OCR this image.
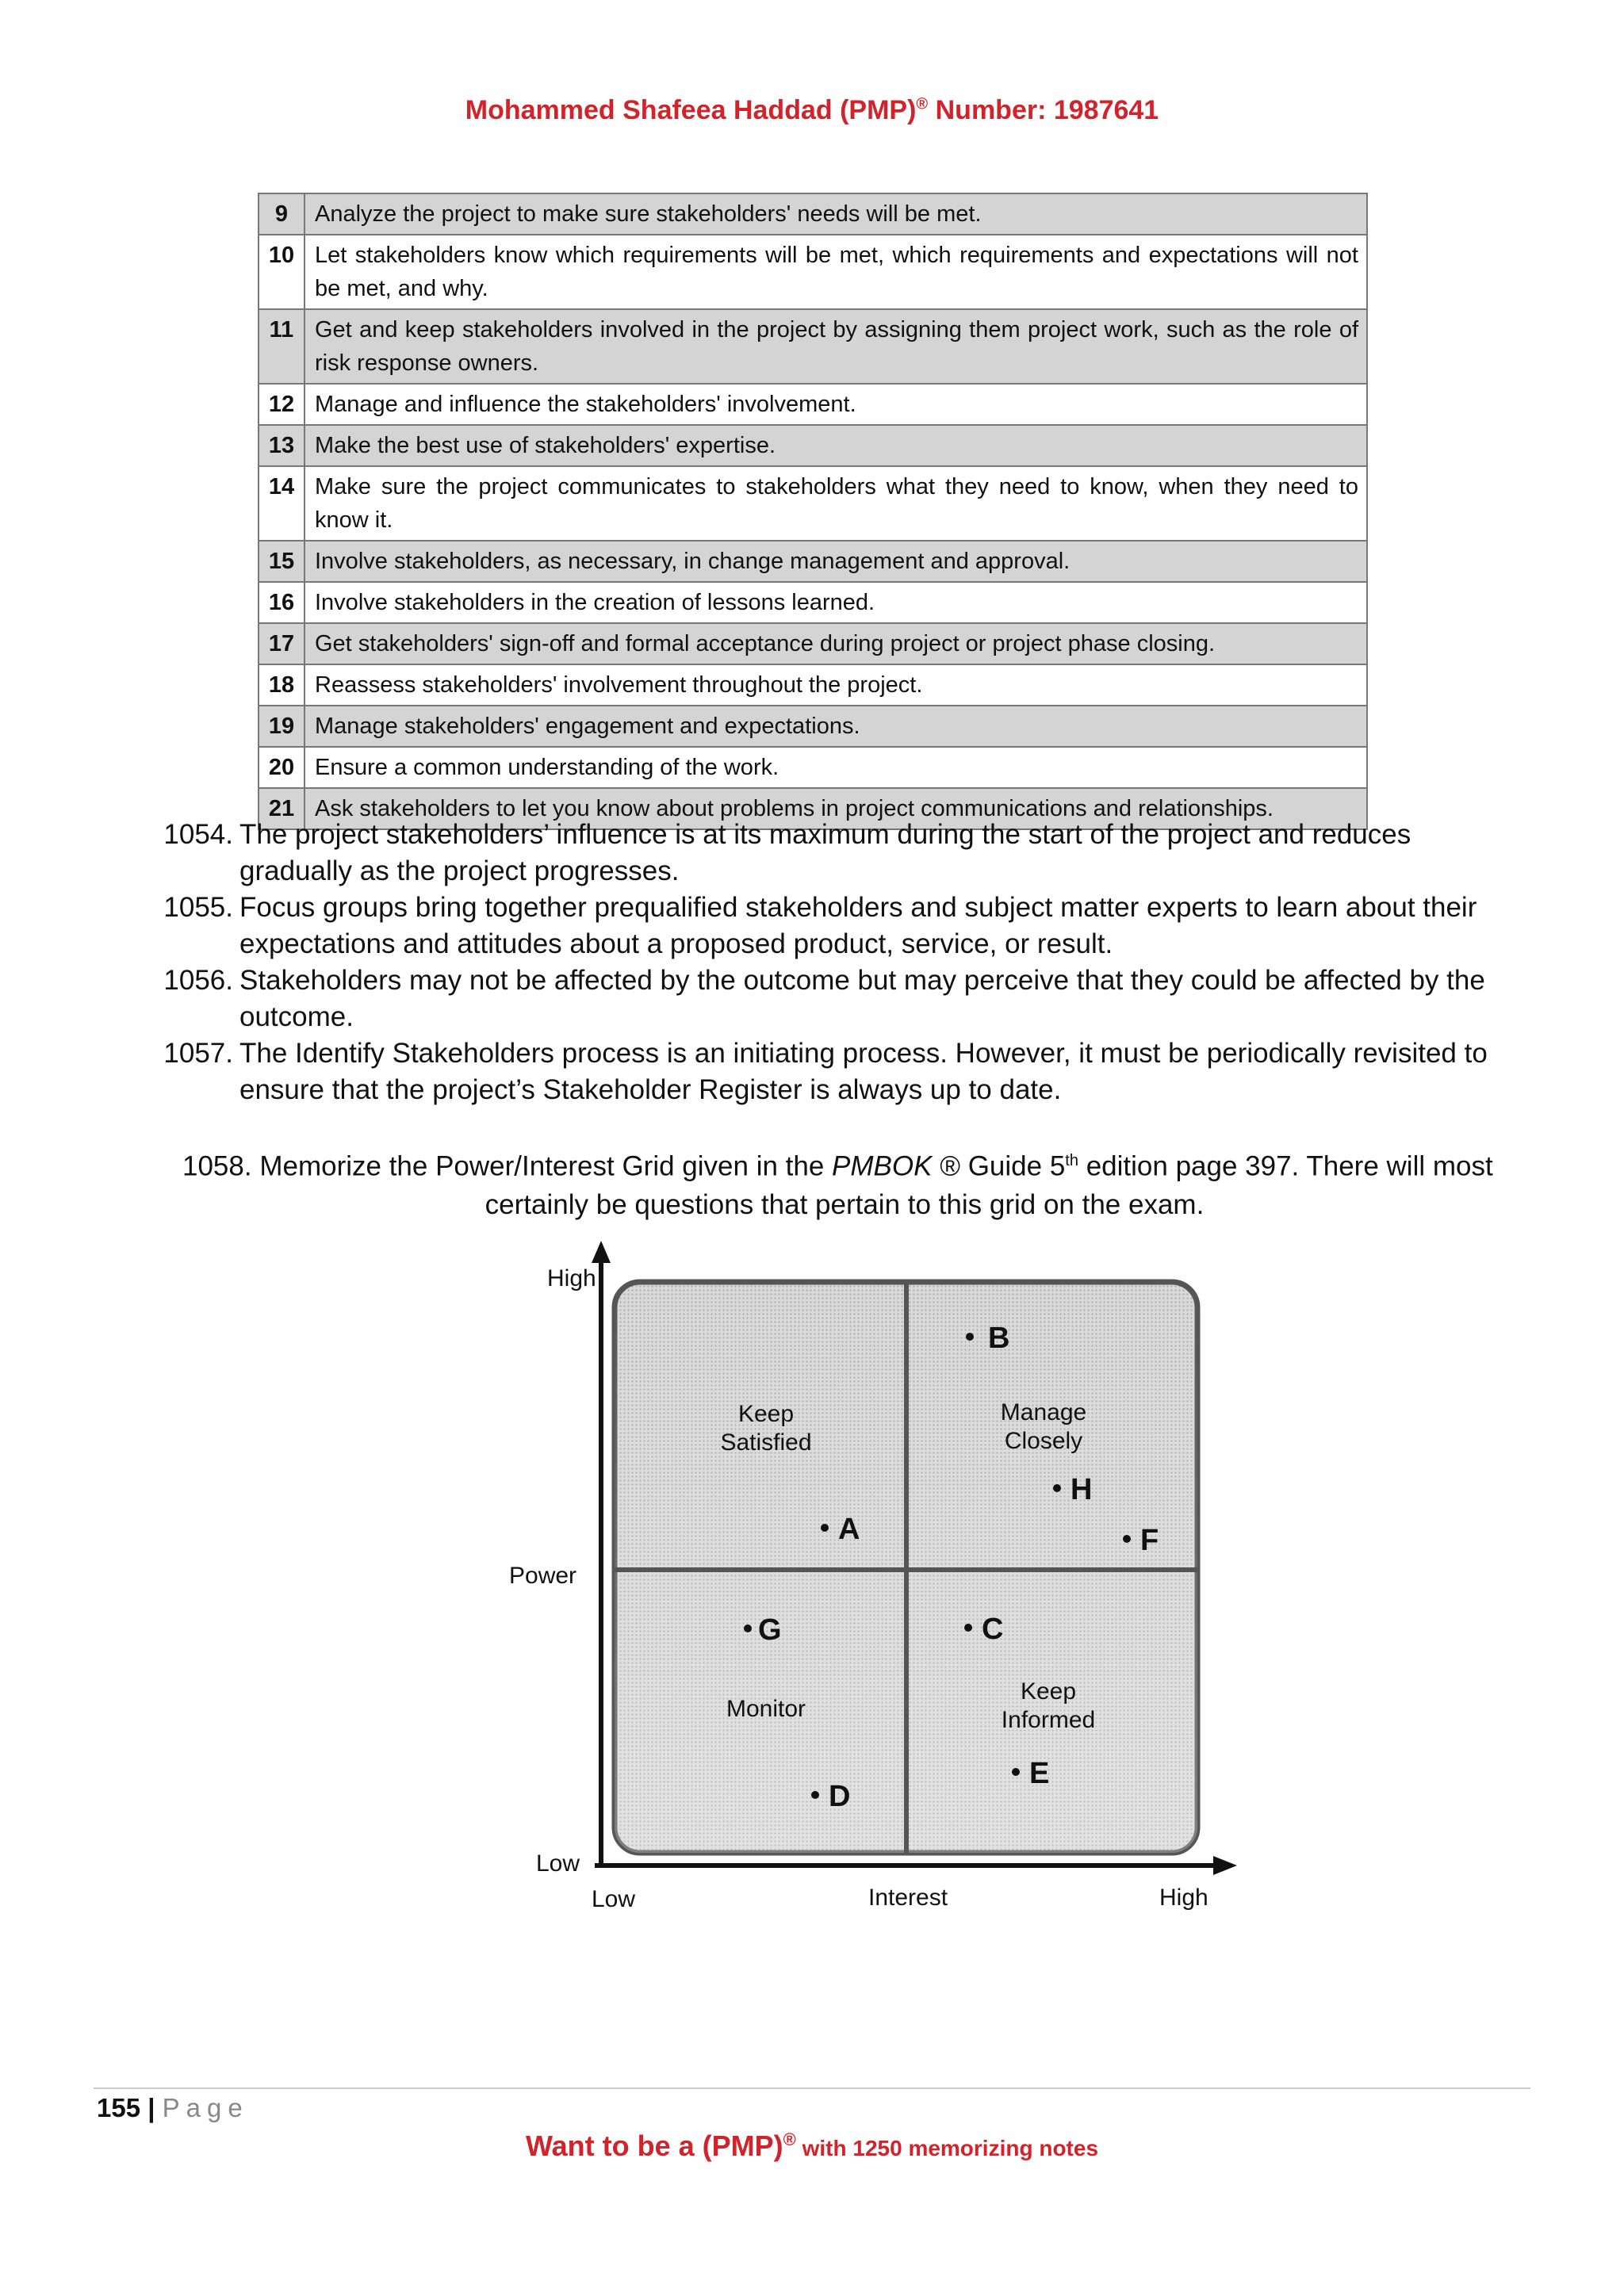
Mohammed Shafeea Haddad (PMP)® Number: 1987641
9	Analyze the project to make sure stakeholders' needs will be met.
10	Let stakeholders know which requirements will be met, which requirements and expectations will not be met, and why.
11	Get and keep stakeholders involved in the project by assigning them project work, such as the role of risk response owners.
12	Manage and influence the stakeholders' involvement.
13	Make the best use of stakeholders' expertise.
14	Make sure the project communicates to stakeholders what they need to know, when they need to know it.
15	Involve stakeholders, as necessary, in change management and approval.
16	Involve stakeholders in the creation of lessons learned.
17	Get stakeholders' sign-off and formal acceptance during project or project phase closing.
18	Reassess stakeholders' involvement throughout the project.
19	Manage stakeholders' engagement and expectations.
20	Ensure a common understanding of the work.
21	Ask stakeholders to let you know about problems in project communications and relationships.
1054. The project stakeholders’ influence is at its maximum during the start of the project and reduces gradually as the project progresses.
1055. Focus groups bring together prequalified stakeholders and subject matter experts to learn about their expectations and attitudes about a proposed product, service, or result.
1056. Stakeholders may not be affected by the outcome but may perceive that they could be affected by the outcome.
1057. The Identify Stakeholders process is an initiating process. However, it must be periodically revisited to ensure that the project’s Stakeholder Register is always up to date.
1058. Memorize the Power/Interest Grid given in the PMBOK ® Guide 5th edition page 397. There will most
certainly be questions that pertain to this grid on the exam.
High
Power
Low
Low	Interest	High
Keep
Satisfied
Manage
Closely
Monitor
Keep
Informed
B
H
F
A
G	C
D
E
155 | Page
Want to be a (PMP)® with 1250 memorizing notes
